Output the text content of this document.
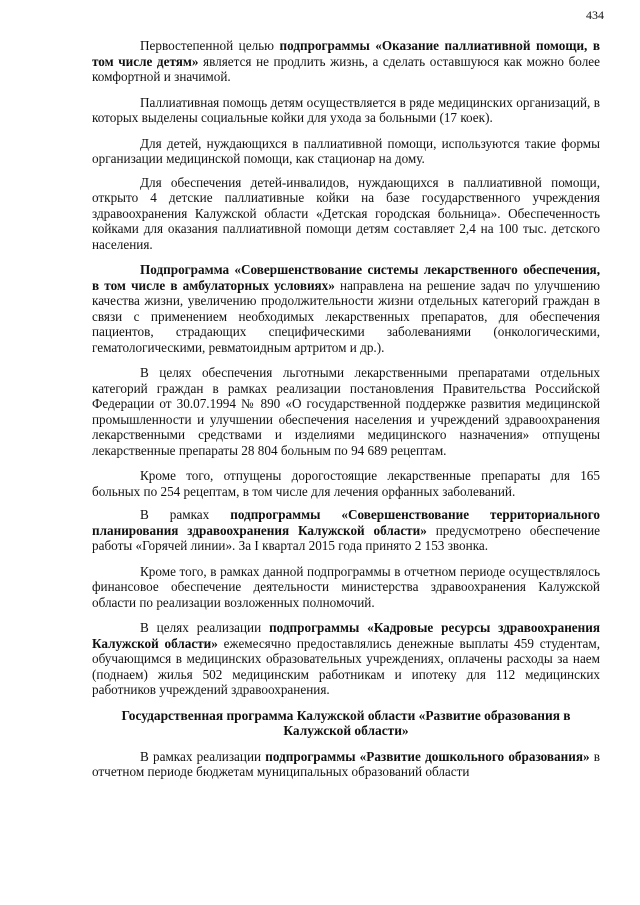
434

Первостепенной целью подпрограммы «Оказание паллиативной помощи, в том числе детям» является не продлить жизнь, а сделать оставшуюся как можно более комфортной и значимой.

Паллиативная помощь детям осуществляется в ряде медицинских организаций, в которых выделены социальные койки для ухода за больными (17 коек).

Для детей, нуждающихся в паллиативной помощи, используются такие формы организации медицинской помощи, как стационар на дому.

Для обеспечения детей-инвалидов, нуждающихся в паллиативной помощи, открыто 4 детские паллиативные койки на базе государственного учреждения здравоохранения Калужской области «Детская городская больница». Обеспеченность койками для оказания паллиативной помощи детям составляет 2,4 на 100 тыс. детского населения.

Подпрограмма «Совершенствование системы лекарственного обеспечения, в том числе в амбулаторных условиях» направлена на решение задач по улучшению качества жизни, увеличению продолжительности жизни отдельных категорий граждан в связи с применением необходимых лекарственных препаратов, для обеспечения пациентов, страдающих специфическими заболеваниями (онкологическими, гематологическими, ревматоидным артритом и др.).

В целях обеспечения льготными лекарственными препаратами отдельных категорий граждан в рамках реализации постановления Правительства Российской Федерации от 30.07.1994 № 890 «О государственной поддержке развития медицинской промышленности и улучшении обеспечения населения и учреждений здравоохранения лекарственными средствами и изделиями медицинского назначения» отпущены лекарственные препараты 28 804 больным по 94 689 рецептам.

Кроме того, отпущены дорогостоящие лекарственные препараты для 165 больных по 254 рецептам, в том числе для лечения орфанных заболеваний.

В рамках подпрограммы «Совершенствование территориального планирования здравоохранения Калужской области» предусмотрено обеспечение работы «Горячей линии». За I квартал 2015 года принято 2 153 звонка.

Кроме того, в рамках данной подпрограммы в отчетном периоде осуществлялось финансовое обеспечение деятельности министерства здравоохранения Калужской области по реализации возложенных полномочий.

В целях реализации подпрограммы «Кадровые ресурсы здравоохранения Калужской области» ежемесячно предоставлялись денежные выплаты 459 студентам, обучающимся в медицинских образовательных учреждениях, оплачены расходы за наем (поднаем) жилья 502 медицинским работникам и ипотеку для 112 медицинских работников учреждений здравоохранения.

Государственная программа Калужской области «Развитие образования в Калужской области»

В рамках реализации подпрограммы «Развитие дошкольного образования» в отчетном периоде бюджетам муниципальных образований области
